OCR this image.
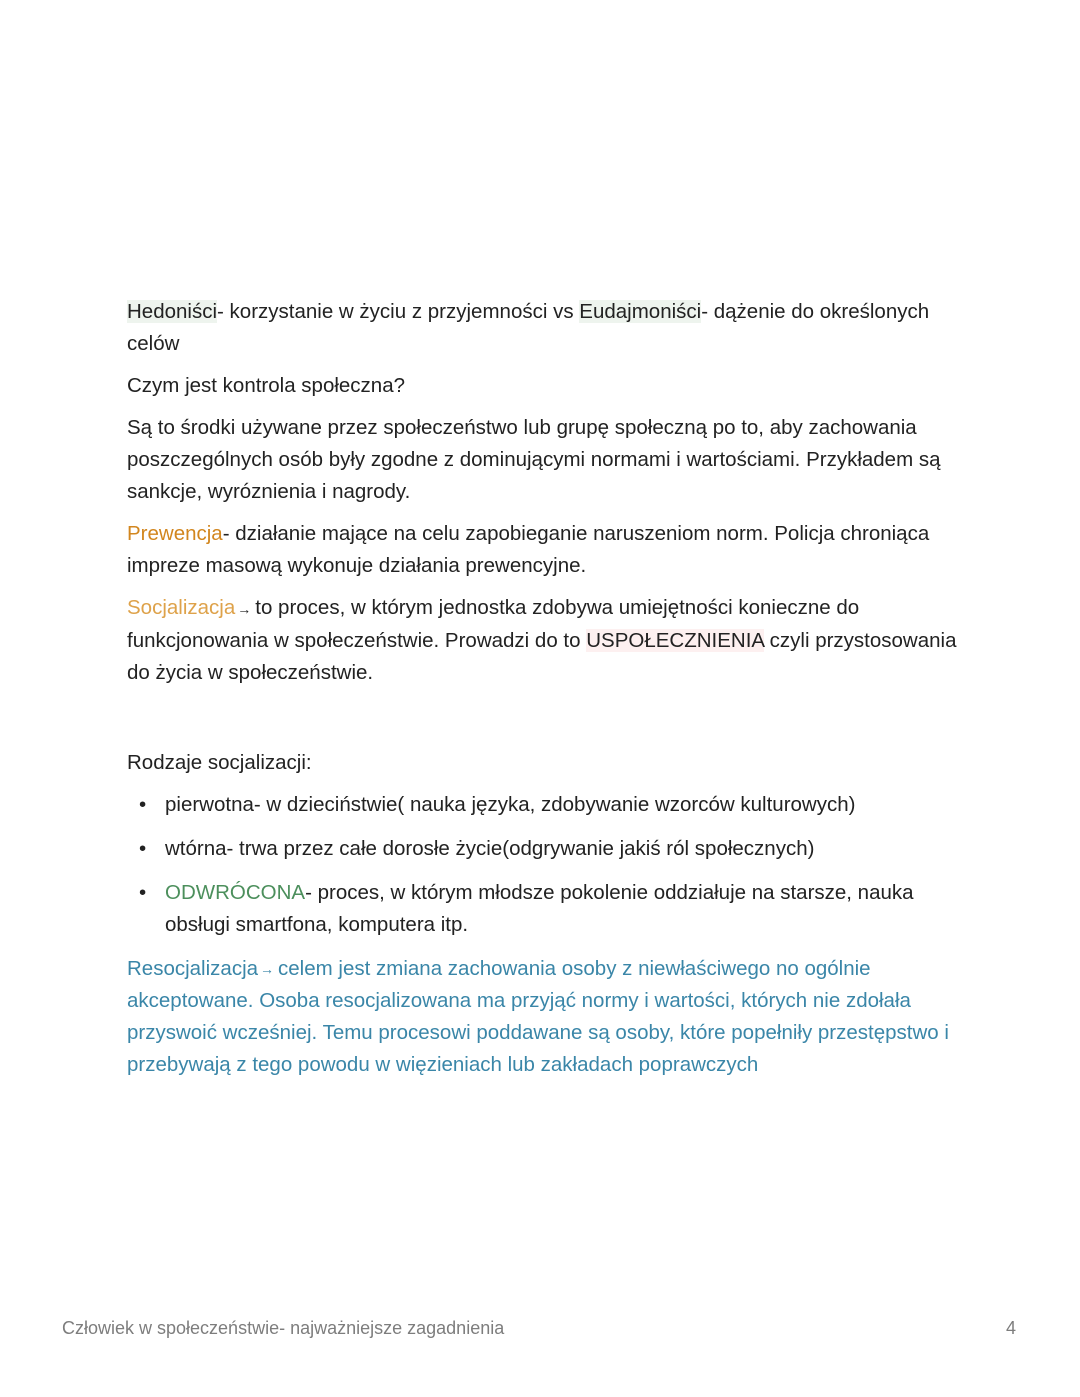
Hedoniści- korzystanie w życiu z przyjemności vs Eudajmoniści- dążenie do określonych celów

Czym jest kontrola społeczna?

Są to środki używane przez społeczeństwo lub grupę społeczną po to, aby zachowania poszczególnych osób były zgodne z dominującymi normami i wartościami. Przykładem są sankcje, wyróznienia i nagrody.

Prewencja- działanie mające na celu zapobieganie naruszeniom norm. Policja chroniąca impreze masową wykonuje działania prewencyjne.

Socjalizacja → to proces, w którym jednostka zdobywa umiejętności konieczne do funkcjonowania w społeczeństwie. Prowadzi do to USPOŁECZNIENIA czyli przystosowania do życia w społeczeństwie.

Rodzaje socjalizacji:

• pierwotna- w dzieciństwie( nauka języka, zdobywanie wzorców kulturowych)
• wtórna- trwa przez całe dorosłe życie(odgrywanie jakiś ról społecznych)
• ODWRÓCONA- proces, w którym młodsze pokolenie oddziałuje na starsze, nauka obsługi smartfona, komputera itp.

Resocjalizacja → celem jest zmiana zachowania osoby z niewłaściwego no ogólnie akceptowane. Osoba resocjalizowana ma przyjąć normy i wartości, których nie zdołała przyswoić wcześniej. Temu procesowi poddawane są osoby, które popełniły przestępstwo i przebywają z tego powodu w więzieniach lub zakładach poprawczych

Człowiek w społeczeństwie- najważniejsze zagadnienia	4
